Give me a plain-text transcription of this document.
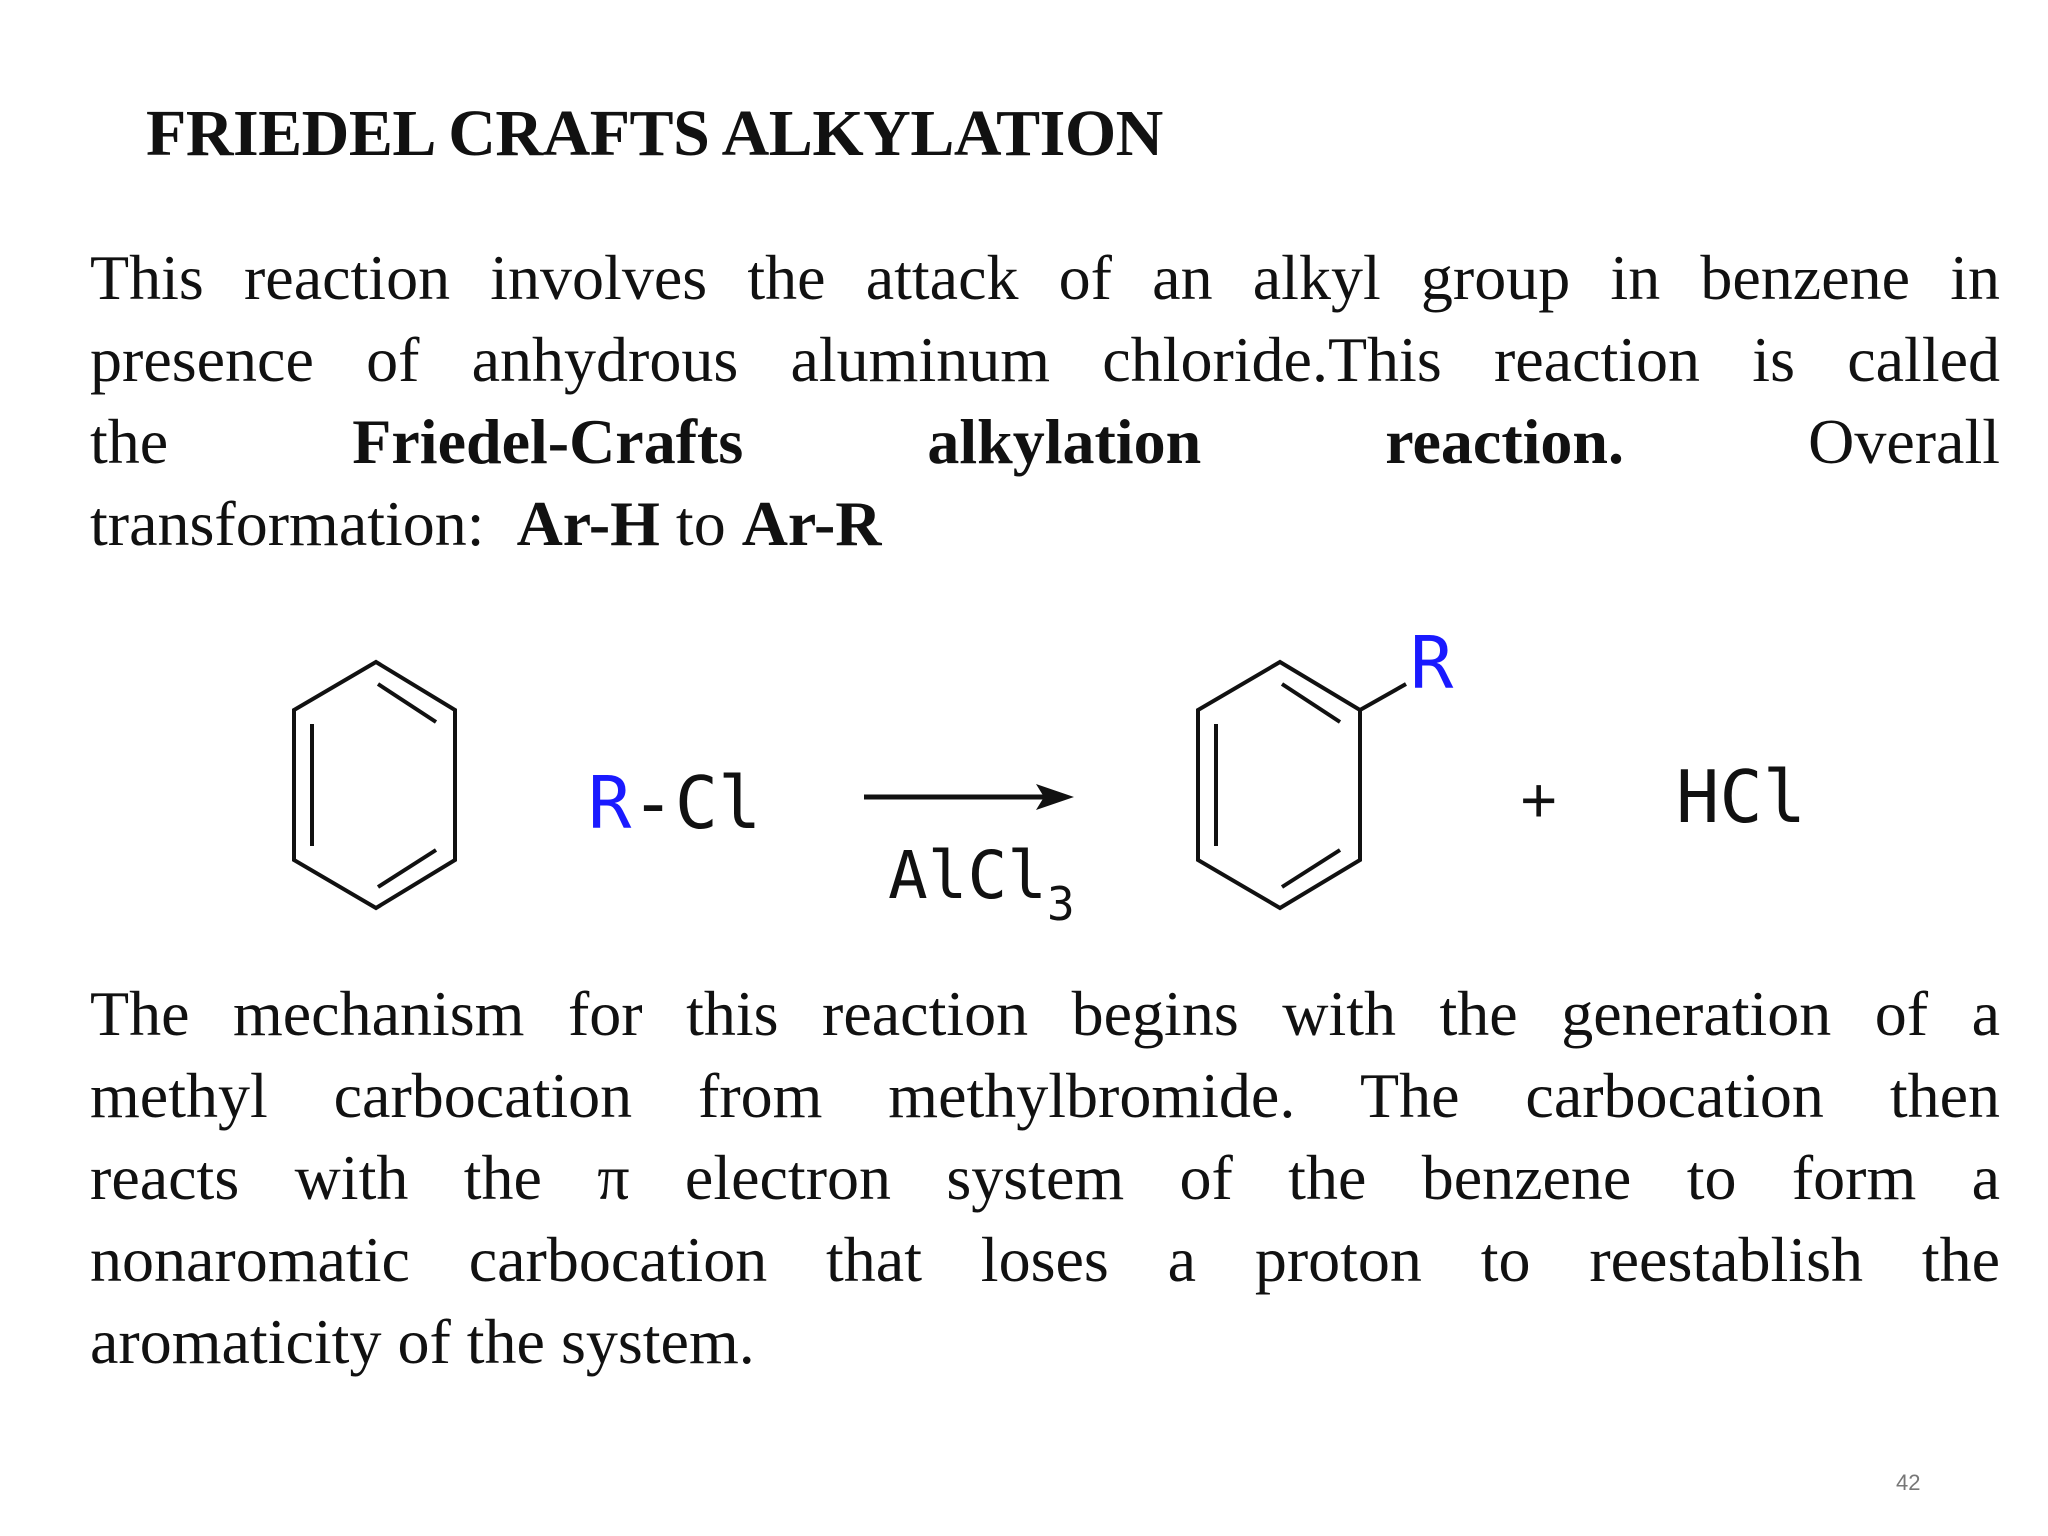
FRIEDEL CRAFTS ALKYLATION
This reaction involves the attack of an alkyl group in benzene in
presence of anhydrous aluminum chloride.This reaction is called
the	Friedel-Crafts	alkylation	reaction.	Overall
transformation:  Ar-H to Ar-R
R-Cl
AlCl$_3$
R
+ HCl
The mechanism for this reaction begins with the generation of a
methyl carbocation from methylbromide. The carbocation then
reacts with the π electron system of the benzene to form a
nonaromatic carbocation that loses a proton to reestablish the
aromaticity of the system.
42
